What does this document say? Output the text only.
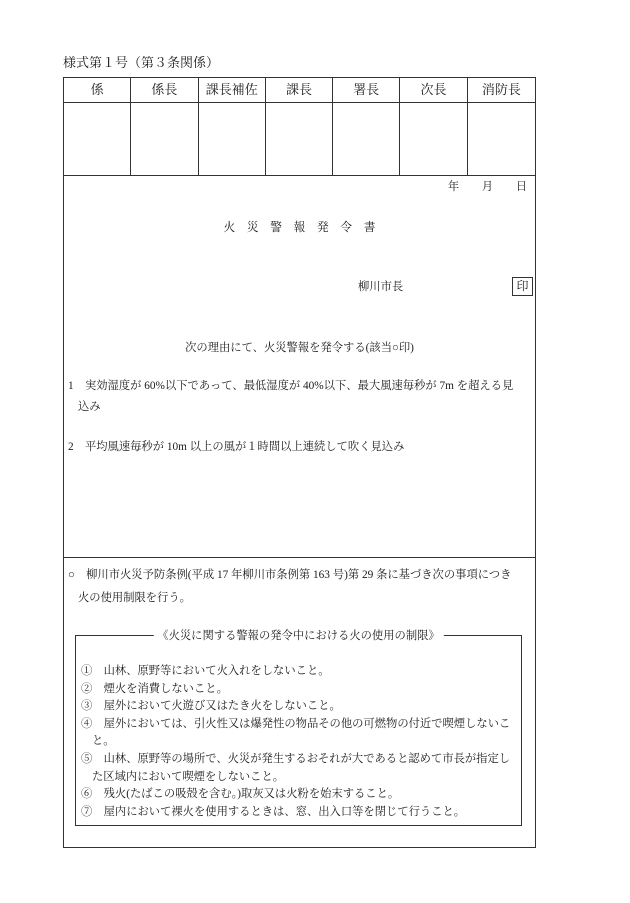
様式第１号（第３条関係）
係	係長	課長補佐	課長	署長	次長	消防長
年　　月　　日
火　災　警　報　発　令　書
柳川市長	印
次の理由にて、火災警報を発令する(該当○印)
1　実効湿度が 60%以下であって、最低湿度が 40%以下、最大風速毎秒が 7m を超える見
込み
2　平均風速毎秒が 10m 以上の風が１時間以上連続して吹く見込み
○　柳川市火災予防条例(平成 17 年柳川市条例第 163 号)第 29 条に基づき次の事項につき
火の使用制限を行う。
《火災に関する警報の発令中における火の使用の制限》
①　山林、原野等において火入れをしないこと。
②　煙火を消費しないこと。
③　屋外において火遊び又はたき火をしないこと。
④　屋外においては、引火性又は爆発性の物品その他の可燃物の付近で喫煙しないこ
と。
⑤　山林、原野等の場所で、火災が発生するおそれが大であると認めて市長が指定し
た区域内において喫煙をしないこと。
⑥　残火(たばこの吸殻を含む。)取灰又は火粉を始末すること。
⑦　屋内において裸火を使用するときは、窓、出入口等を閉じて行うこと。
